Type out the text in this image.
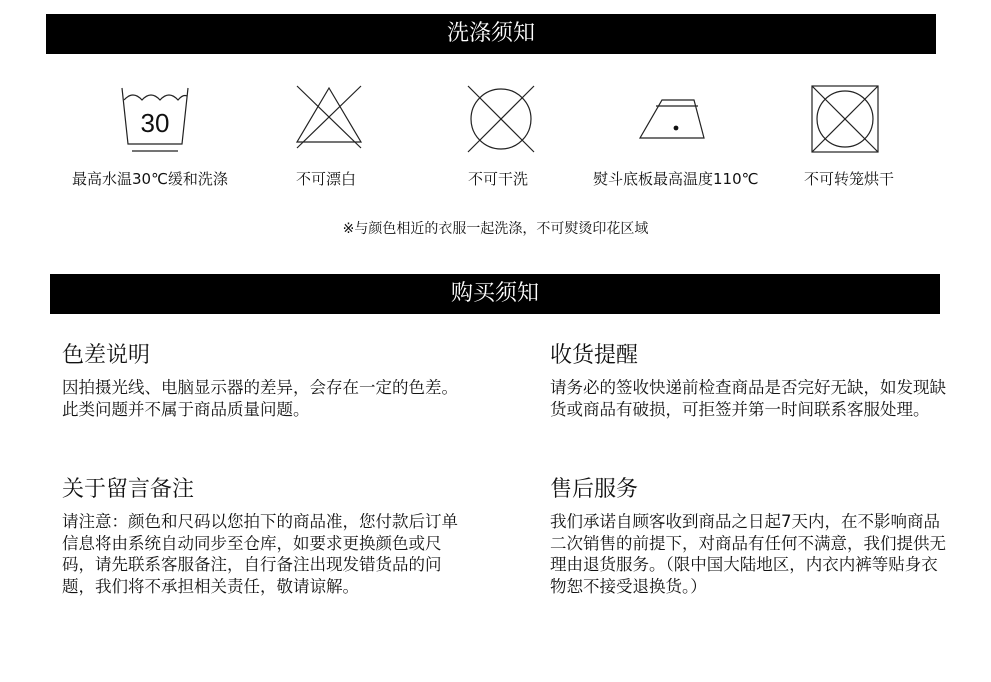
洗涤须知
30
最高水温30℃缓和洗涤	不可漂白	不可干洗	熨斗底板最高温度110℃	不可转笼烘干
※与颜色相近的衣服一起洗涤，不可熨烫印花区域
购买须知
色差说明
因拍摄光线、电脑显示器的差异，会存在一定的色差。此类问题并不属于商品质量问题。
收货提醒
请务必的签收快递前检查商品是否完好无缺，如发现缺货或商品有破损，可拒签并第一时间联系客服处理。
关于留言备注
请注意：颜色和尺码以您拍下的商品准，您付款后订单信息将由系统自动同步至仓库，如要求更换颜色或尺码，请先联系客服备注，自行备注出现发错货品的问题，我们将不承担相关责任，敬请谅解。
售后服务
我们承诺自顾客收到商品之日起7天内，在不影响商品二次销售的前提下，对商品有任何不满意，我们提供无理由退货服务。（限中国大陆地区，内衣内裤等贴身衣物恕不接受退换货。）
